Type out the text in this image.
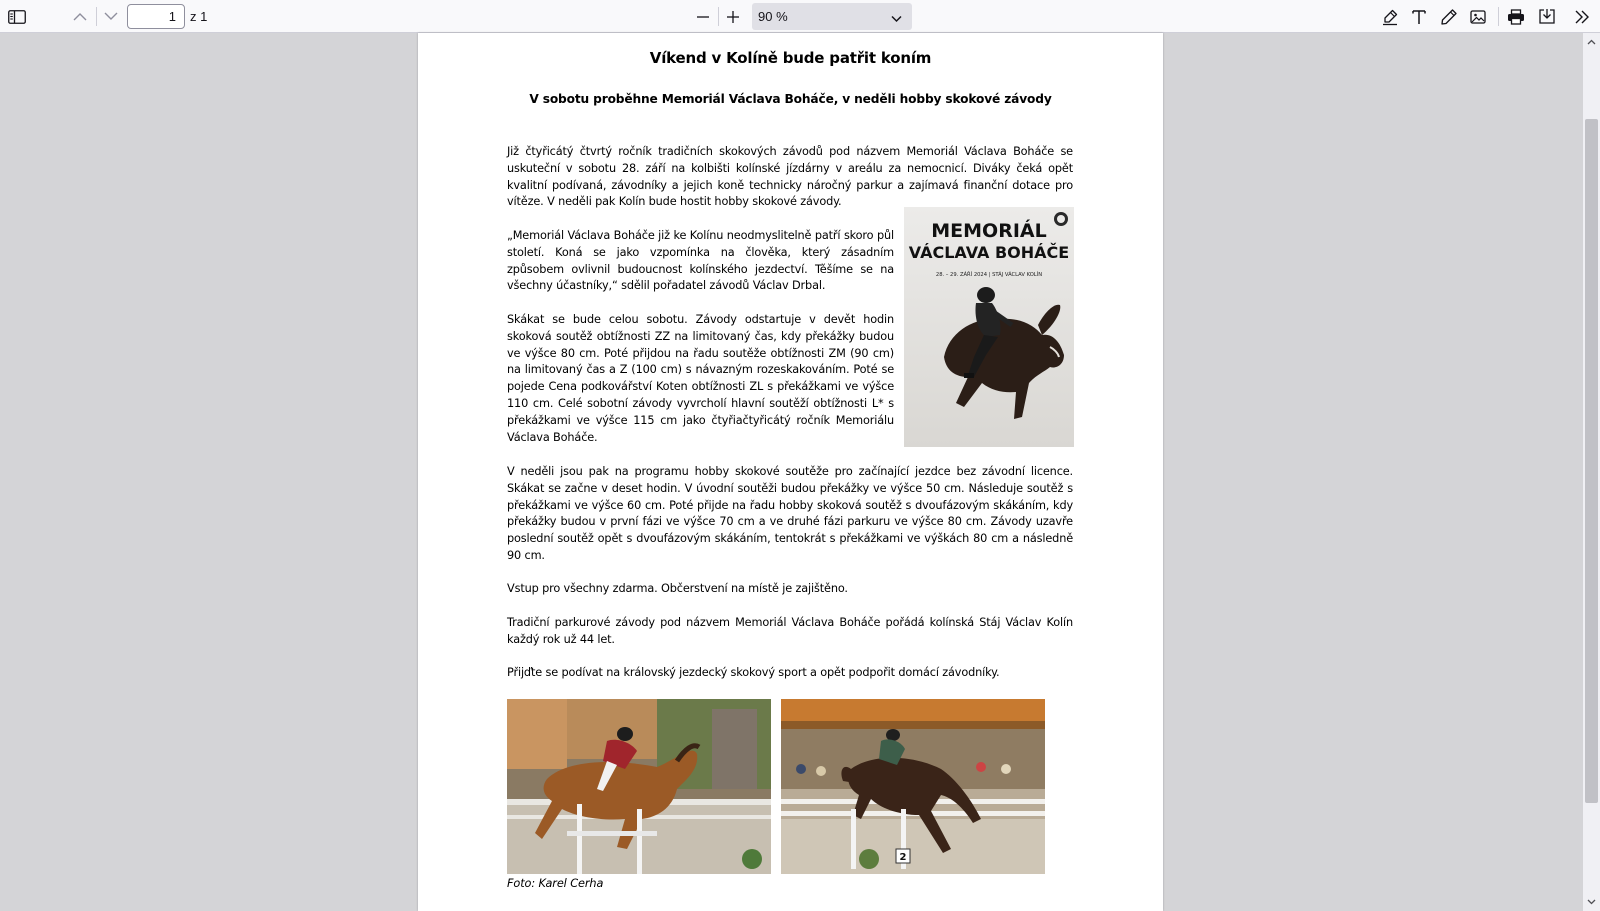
1
z 1	90 %
Víkend v Kolíně bude patřit koním
V sobotu proběhne Memoriál Václava Boháče, v neděli hobby skokové závody

Již čtyřicátý čtvrtý ročník tradičních skokových závodů pod názvem Memoriál Václava Boháče se uskuteční v sobotu 28. září na kolbišti kolínské jízdárny v areálu za nemocnicí. Diváky čeká opět kvalitní podívaná, závodníky a jejich koně technicky náročný parkur a zajímavá finanční dotace pro vítěze. V neděli pak Kolín bude hostit hobby skokové závody.

„Memoriál Václava Boháče již ke Kolínu neodmyslitelně patří skoro půl století. Koná se jako vzpomínka na člověka, který zásadním způsobem ovlivnil budoucnost kolínského jezdectví. Těšíme se na všechny účastníky,“ sdělil pořadatel závodů Václav Drbal.

Skákat se bude celou sobotu. Závody odstartuje v devět hodin skoková soutěž obtížnosti ZZ na limitovaný čas, kdy překážky budou ve výšce 80 cm. Poté přijdou na řadu soutěže obtížnosti ZM (90 cm) na limitovaný čas a Z (100 cm) s návazným rozeskakováním. Poté se pojede Cena podkovářství Koten obtížnosti ZL s překážkami ve výšce 110 cm. Celé sobotní závody vyvrcholí hlavní soutěží obtížnosti L* s překážkami ve výšce 115 cm jako čtyřiačtyřicátý ročník Memoriálu Václava Boháče.

V neděli jsou pak na programu hobby skokové soutěže pro začínající jezdce bez závodní licence. Skákat se začne v deset hodin. V úvodní soutěži budou překážky ve výšce 50 cm. Následuje soutěž s překážkami ve výšce 60 cm. Poté přijde na řadu hobby skoková soutěž s dvoufázovým skákáním, kdy překážky budou v první fázi ve výšce 70 cm a ve druhé fázi parkuru ve výšce 80 cm. Závody uzavře poslední soutěž opět s dvoufázovým skákáním, tentokrát s překážkami ve výškách 80 cm a následně 90 cm.

Vstup pro všechny zdarma. Občerstvení na místě je zajištěno.

Tradiční parkurové závody pod názvem Memoriál Václava Boháče pořádá kolínská Stáj Václav Kolín každý rok už 44 let.

Přijďte se podívat na královský jezdecký skokový sport a opět podpořit domácí závodníky.

MEMORIÁL
VÁCLAVA BOHÁČE
28. – 29. ZÁŘÍ 2024 | STÁJ VÁCLAV KOLÍN
2
Foto: Karel Cerha
